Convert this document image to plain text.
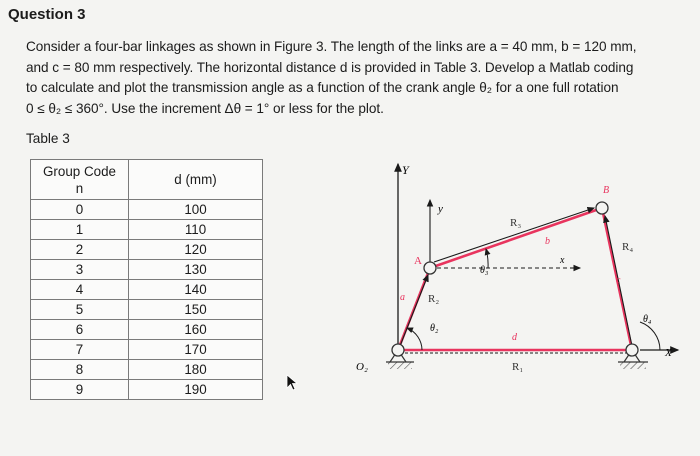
Question 3
Consider a four-bar linkages as shown in Figure 3. The length of the links are a = 40 mm, b = 120 mm,
and c = 80 mm respectively. The horizontal distance d is provided in Table 3. Develop a Matlab coding
to calculate and plot the transmission angle as a function of the crank angle θ₂ for a one full rotation
0 ≤ θ₂ ≤ 360°. Use the increment Δθ = 1° or less for the plot.
Table 3
Group Code
n	d (mm)
0	100
1	110
2	120
3	130
4	140
5	150
6	160
7	170
8	180
9	190
Y
y
X
x
A
B
a
b
c
d
R₁
R₂
R₃
R₄
θ₂
θ₃
θ₄
O₂
